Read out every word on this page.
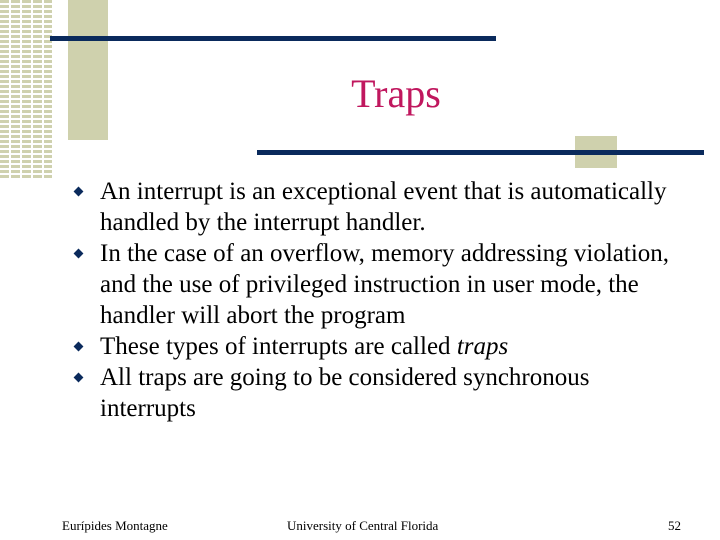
Traps
An interrupt is an exceptional event that is automatically handled by the interrupt handler.
In the case of an overflow, memory addressing violation, and the use of privileged instruction in user mode, the handler will abort the program
These types of interrupts are called traps
All traps are going to be considered synchronous interrupts
Eurípides Montagne	University of Central Florida	52
